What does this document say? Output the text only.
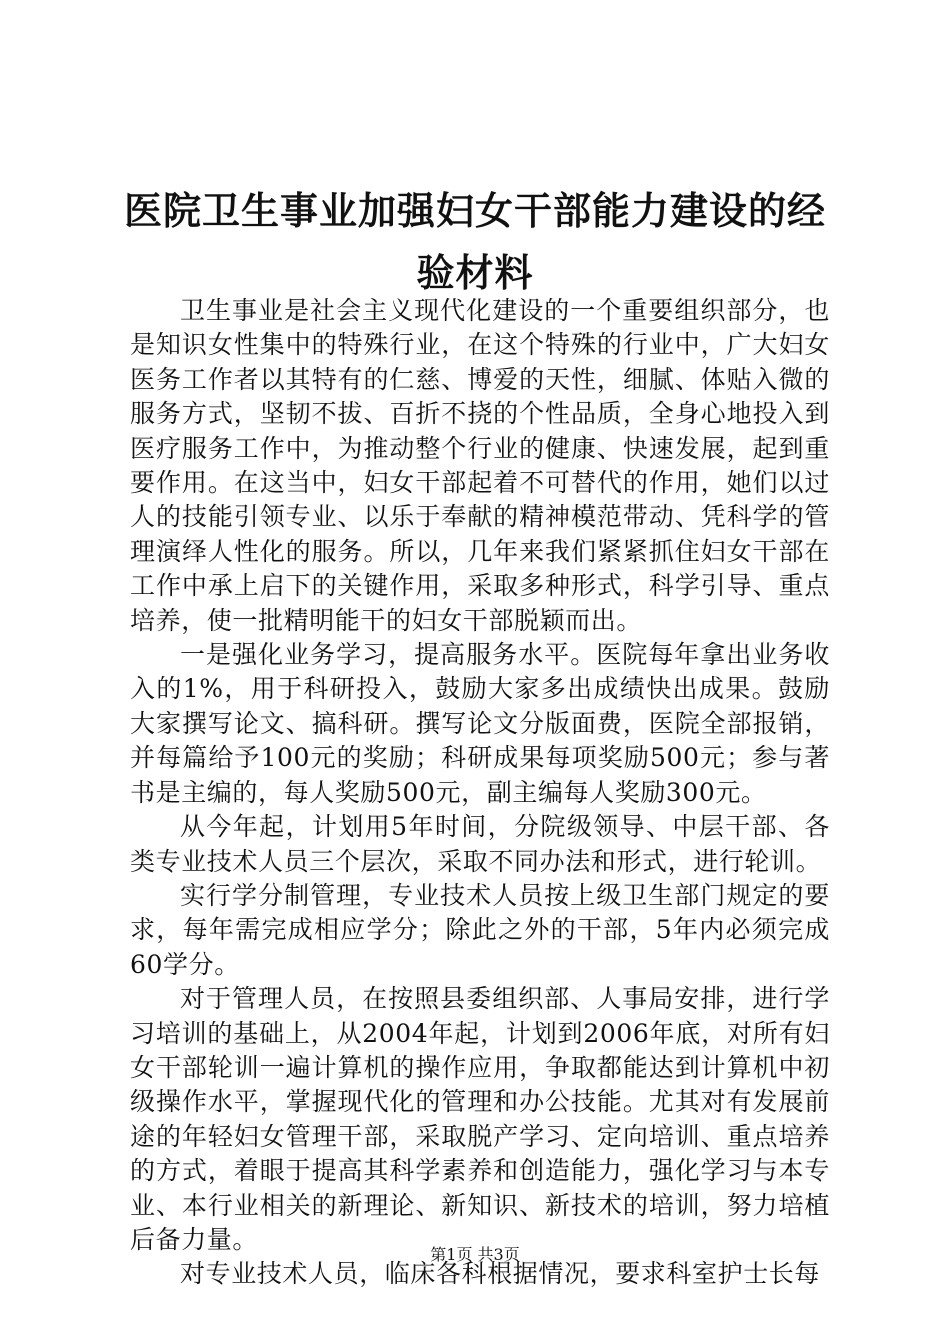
医院卫生事业加强妇女干部能力建设的经验材料

卫生事业是社会主义现代化建设的一个重要组织部分，也是知识女性集中的特殊行业，在这个特殊的行业中，广大妇女医务工作者以其特有的仁慈、博爱的天性，细腻、体贴入微的服务方式，坚韧不拔、百折不挠的个性品质，全身心地投入到医疗服务工作中，为推动整个行业的健康、快速发展，起到重要作用。在这当中，妇女干部起着不可替代的作用，她们以过人的技能引领专业、以乐于奉献的精神模范带动、凭科学的管理演绎人性化的服务。所以，几年来我们紧紧抓住妇女干部在工作中承上启下的关键作用，采取多种形式，科学引导、重点培养，使一批精明能干的妇女干部脱颖而出。

一是强化业务学习，提高服务水平。医院每年拿出业务收入的1%，用于科研投入，鼓励大家多出成绩快出成果。鼓励大家撰写论文、搞科研。撰写论文分版面费，医院全部报销，并每篇给予100元的奖励；科研成果每项奖励500元；参与著书是主编的，每人奖励500元，副主编每人奖励300元。

从今年起，计划用5年时间，分院级领导、中层干部、各类专业技术人员三个层次，采取不同办法和形式，进行轮训。

实行学分制管理，专业技术人员按上级卫生部门规定的要求，每年需完成相应学分；除此之外的干部，5年内必须完成60学分。

对于管理人员，在按照县委组织部、人事局安排，进行学习培训的基础上，从2004年起，计划到2006年底，对所有妇女干部轮训一遍计算机的操作应用，争取都能达到计算机中初级操作水平，掌握现代化的管理和办公技能。尤其对有发展前途的年轻妇女管理干部，采取脱产学习、定向培训、重点培养的方式，着眼于提高其科学素养和创造能力，强化学习与本专业、本行业相关的新理论、新知识、新技术的培训，努力培植后备力量。

对专业技术人员，临床各科根据情况，要求科室护士长每

第1页 共3页
